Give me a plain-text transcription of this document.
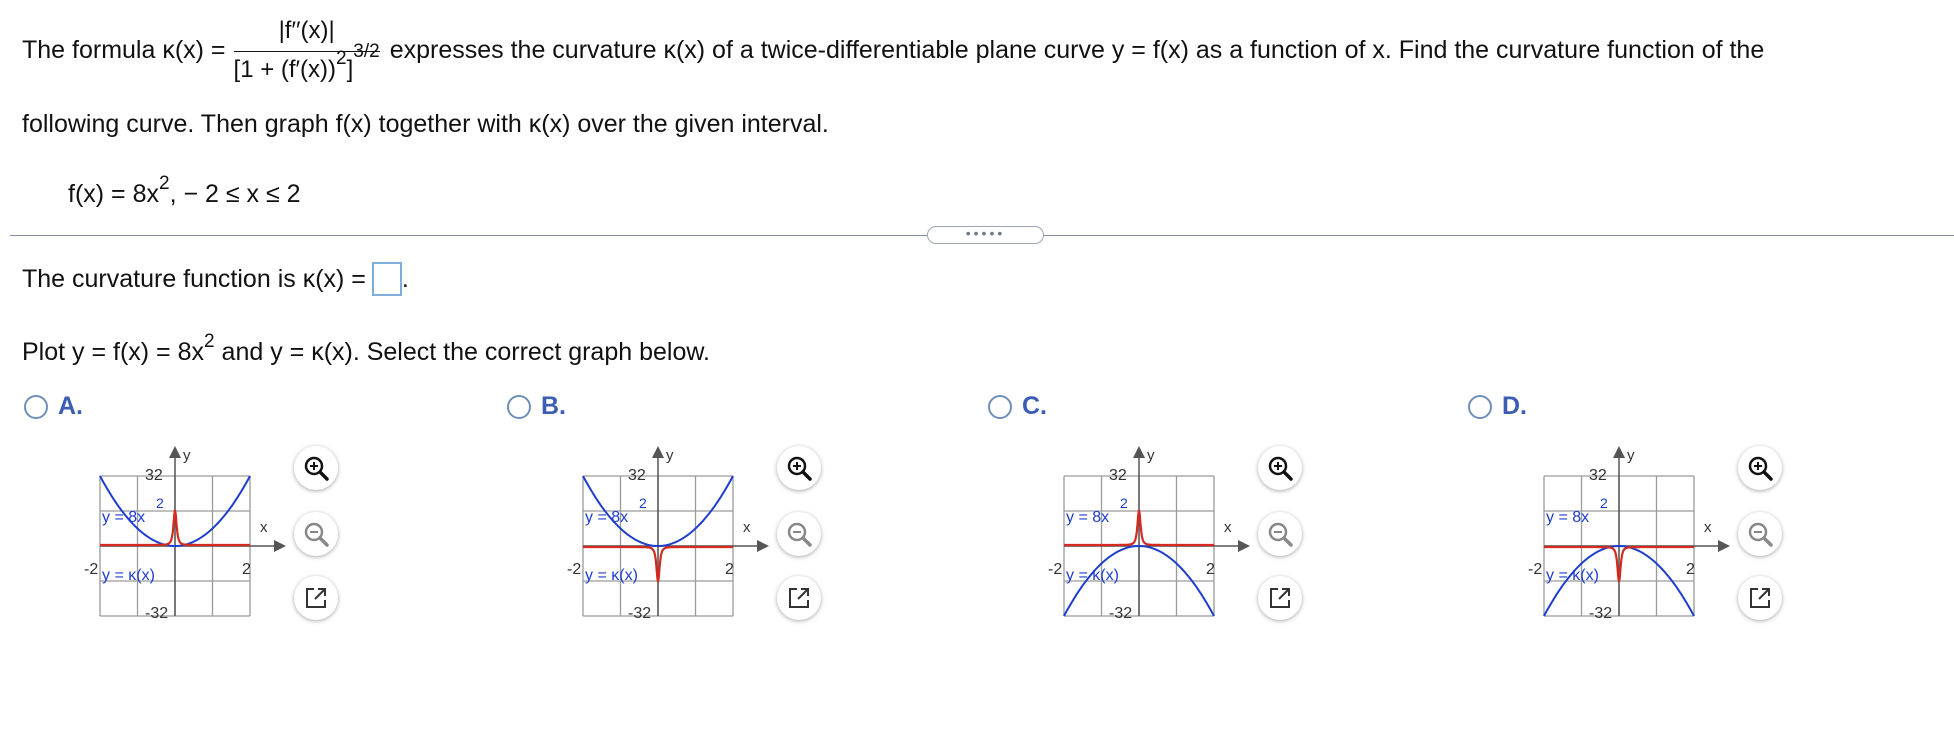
The formula $\kappa(x) = \frac{|f''(x)|}{[1 + (f'(x))^2]^{3/2}}$ expresses the curvature κ(x) of a twice-differentiable plane curve y = f(x) as a function of x. Find the curvature function of the
following curve. Then graph f(x) together with κ(x) over the given interval.
$f(x) = 8x^2$, − 2 ≤ x ≤ 2
•••••
The curvature function is κ(x) = .
Plot $y = f(x) = 8x^2$ and y = κ(x). Select the correct graph below.
A.
32
-32
-2	2
x
y
y = 8x
2
y = κ(x)
B.
32
-32
-2	2
x
y
y = 8x
2
y = κ(x)
C.
32
-32
-2	2
x
y
y = 8x
2
y = κ(x)
D.
32
-32
-2	2
x
y
y = 8x
2
y = κ(x)
